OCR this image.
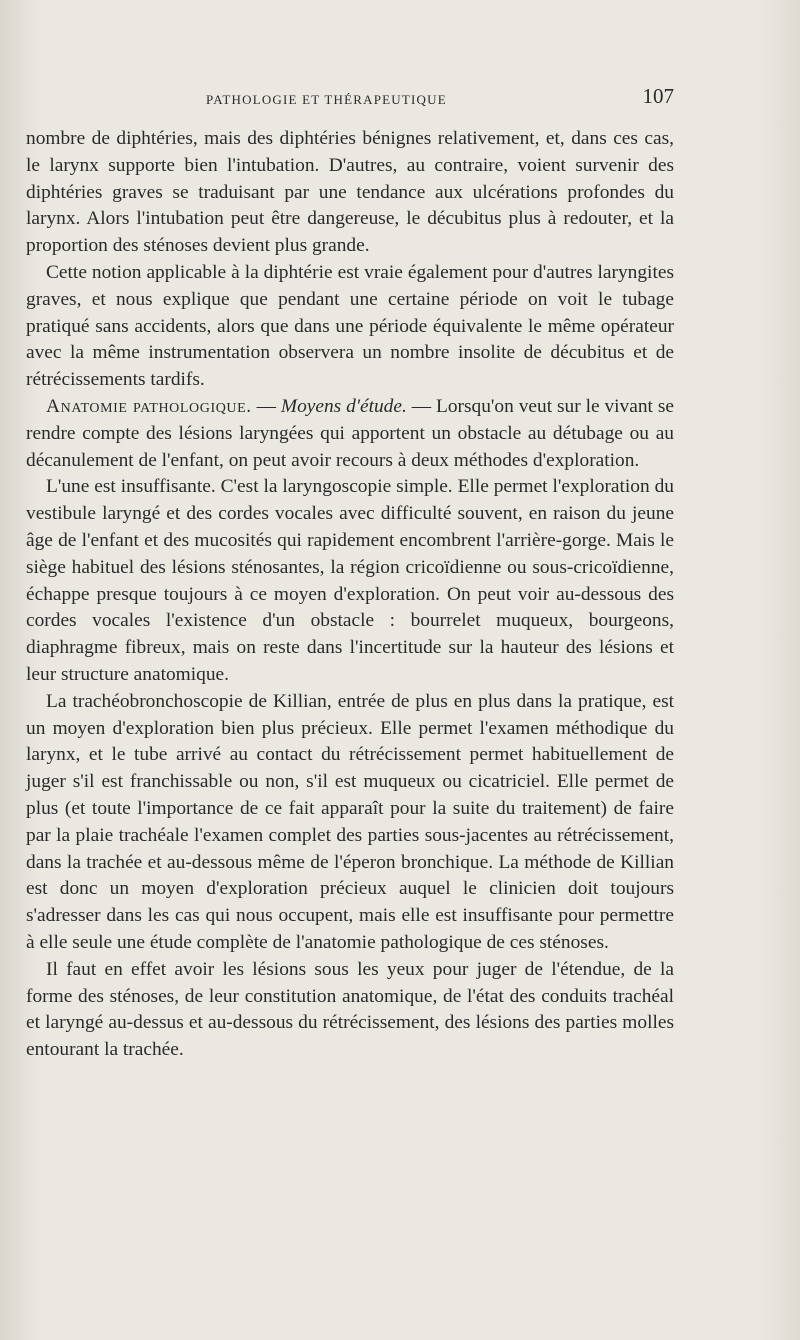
PATHOLOGIE ET THÉRAPEUTIQUE	107

nombre de diphtéries, mais des diphtéries bénignes relativement, et, dans ces cas, le larynx supporte bien l'intubation. D'autres, au contraire, voient survenir des diphtéries graves se traduisant par une tendance aux ulcérations profondes du larynx. Alors l'intubation peut être dangereuse, le décubitus plus à redouter, et la proportion des sténoses devient plus grande.

Cette notion applicable à la diphtérie est vraie également pour d'autres laryngites graves, et nous explique que pendant une certaine période on voit le tubage pratiqué sans accidents, alors que dans une période équivalente le même opérateur avec la même instrumentation observera un nombre insolite de décubitus et de rétrécissements tardifs.

Anatomie pathologique. — Moyens d'étude. — Lorsqu'on veut sur le vivant se rendre compte des lésions laryngées qui apportent un obstacle au détubage ou au décanulement de l'enfant, on peut avoir recours à deux méthodes d'exploration.

L'une est insuffisante. C'est la laryngoscopie simple. Elle permet l'exploration du vestibule laryngé et des cordes vocales avec difficulté souvent, en raison du jeune âge de l'enfant et des mucosités qui rapidement encombrent l'arrière-gorge. Mais le siège habituel des lésions sténosantes, la région cricoïdienne ou sous-cricoïdienne, échappe presque toujours à ce moyen d'exploration. On peut voir au-dessous des cordes vocales l'existence d'un obstacle : bourrelet muqueux, bourgeons, diaphragme fibreux, mais on reste dans l'incertitude sur la hauteur des lésions et leur structure anatomique.

La trachéobronchoscopie de Killian, entrée de plus en plus dans la pratique, est un moyen d'exploration bien plus précieux. Elle permet l'examen méthodique du larynx, et le tube arrivé au contact du rétrécissement permet habituellement de juger s'il est franchissable ou non, s'il est muqueux ou cicatriciel. Elle permet de plus (et toute l'importance de ce fait apparaît pour la suite du traitement) de faire par la plaie trachéale l'examen complet des parties sous-jacentes au rétrécissement, dans la trachée et au-dessous même de l'éperon bronchique. La méthode de Killian est donc un moyen d'exploration précieux auquel le clinicien doit toujours s'adresser dans les cas qui nous occupent, mais elle est insuffisante pour permettre à elle seule une étude complète de l'anatomie pathologique de ces sténoses.

Il faut en effet avoir les lésions sous les yeux pour juger de l'étendue, de la forme des sténoses, de leur constitution anatomique, de l'état des conduits trachéal et laryngé au-dessus et au-dessous du rétrécissement, des lésions des parties molles entourant la trachée.
